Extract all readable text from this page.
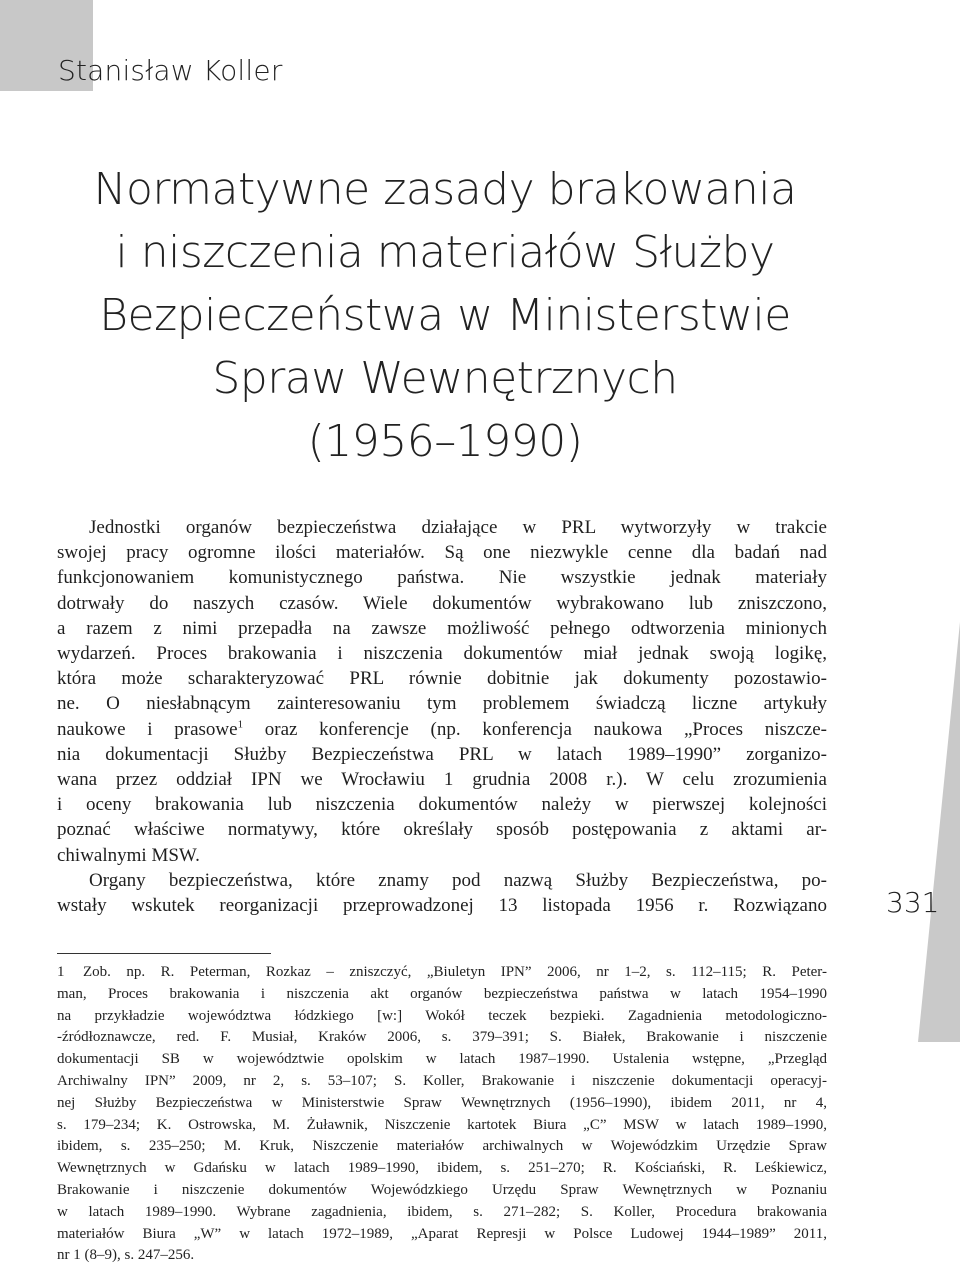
Stanisław Koller
Normatywne zasady brakowania
i niszczenia materiałów Służby
Bezpieczeństwa w Ministerstwie
Spraw Wewnętrznych
(1956–1990)
Jednostki organów bezpieczeństwa działające w PRL wytworzyły w trakcie
swojej pracy ogromne ilości materiałów. Są one niezwykle cenne dla badań nad
funkcjonowaniem komunistycznego państwa. Nie wszystkie jednak materiały
dotrwały do naszych czasów. Wiele dokumentów wybrakowano lub zniszczono,
a razem z nimi przepadła na zawsze możliwość pełnego odtworzenia minionych
wydarzeń. Proces brakowania i niszczenia dokumentów miał jednak swoją logikę,
która może scharakteryzować PRL równie dobitnie jak dokumenty pozostawio-
ne. O niesłabnącym zainteresowaniu tym problemem świadczą liczne artykuły
naukowe i prasowe$^1$ oraz konferencje (np. konferencja naukowa „Proces niszcze-
nia dokumentacji Służby Bezpieczeństwa PRL w latach 1989–1990” zorganizo-
wana przez oddział IPN we Wrocławiu 1 grudnia 2008 r.). W celu zrozumienia
i oceny brakowania lub niszczenia dokumentów należy w pierwszej kolejności
poznać właściwe normatywy, które określały sposób postępowania z aktami ar-
chiwalnymi MSW.
Organy bezpieczeństwa, które znamy pod nazwą Służby Bezpieczeństwa, po-
wstały wskutek reorganizacji przeprowadzonej 13 listopada 1956 r. Rozwiązano
1 Zob. np. R. Peterman, Rozkaz – zniszczyć, „Biuletyn IPN” 2006, nr 1–2, s. 112–115; R. Peter-
man, Proces brakowania i niszczenia akt organów bezpieczeństwa państwa w latach 1954–1990
na przykładzie województwa łódzkiego [w:] Wokół teczek bezpieki. Zagadnienia metodologiczno-
-źródłoznawcze, red. F. Musiał, Kraków 2006, s. 379–391; S. Białek, Brakowanie i niszczenie
dokumentacji SB w województwie opolskim w latach 1987–1990. Ustalenia wstępne, „Przegląd
Archiwalny IPN” 2009, nr 2, s. 53–107; S. Koller, Brakowanie i niszczenie dokumentacji operacyj-
nej Służby Bezpieczeństwa w Ministerstwie Spraw Wewnętrznych (1956–1990), ibidem 2011, nr 4,
s. 179–234; K. Ostrowska, M. Żuławnik, Niszczenie kartotek Biura „C” MSW w latach 1989–1990,
ibidem, s. 235–250; M. Kruk, Niszczenie materiałów archiwalnych w Wojewódzkim Urzędzie Spraw
Wewnętrznych w Gdańsku w latach 1989–1990, ibidem, s. 251–270; R. Kościański, R. Leśkiewicz,
Brakowanie i niszczenie dokumentów Wojewódzkiego Urzędu Spraw Wewnętrznych w Poznaniu
w latach 1989–1990. Wybrane zagadnienia, ibidem, s. 271–282; S. Koller, Procedura brakowania
materiałów Biura „W” w latach 1972–1989, „Aparat Represji w Polsce Ludowej 1944–1989” 2011,
nr 1 (8–9), s. 247–256.
331
